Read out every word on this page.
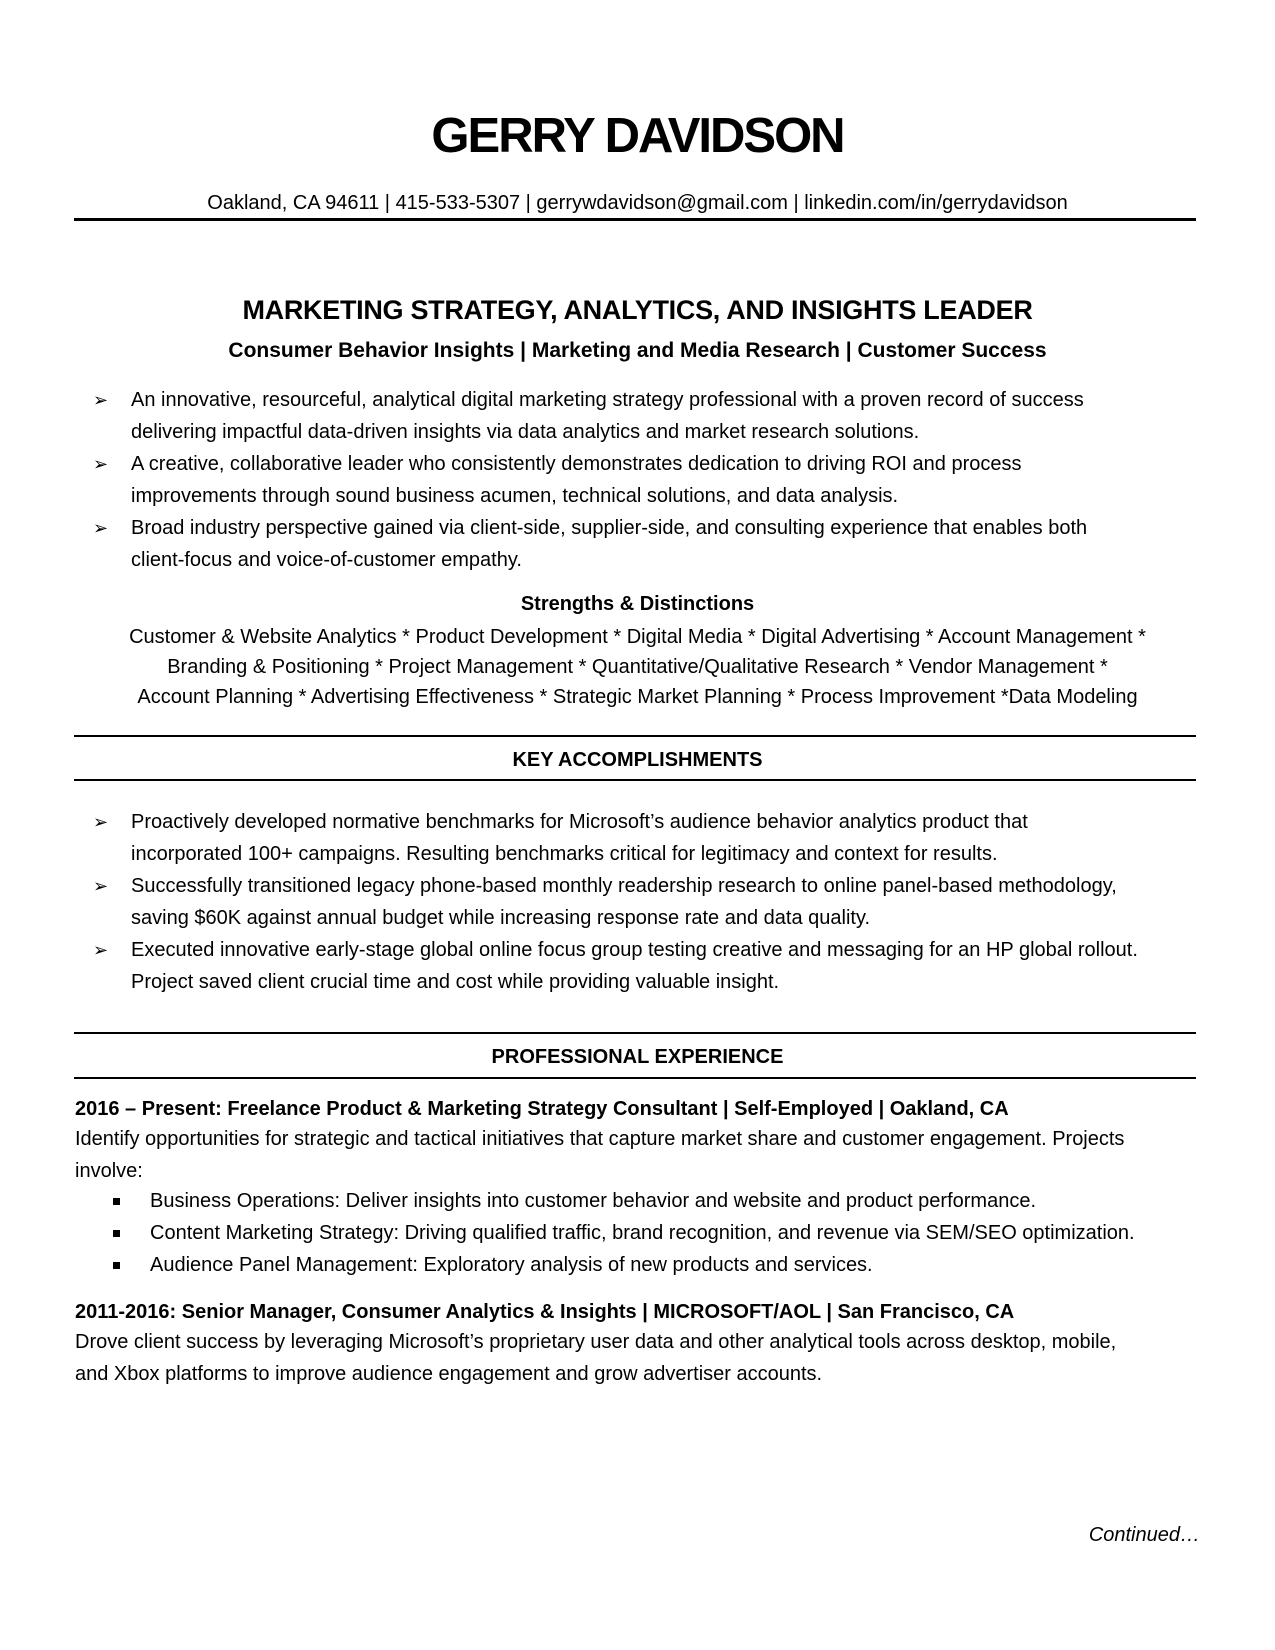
GERRY DAVIDSON
Oakland, CA 94611 | 415-533-5307 | gerrywdavidson@gmail.com | linkedin.com/in/gerrydavidson
MARKETING STRATEGY, ANALYTICS, AND INSIGHTS LEADER
Consumer Behavior Insights | Marketing and Media Research | Customer Success
➢ An innovative, resourceful, analytical digital marketing strategy professional with a proven record of success
delivering impactful data-driven insights via data analytics and market research solutions.
➢ A creative, collaborative leader who consistently demonstrates dedication to driving ROI and process
improvements through sound business acumen, technical solutions, and data analysis.
➢ Broad industry perspective gained via client-side, supplier-side, and consulting experience that enables both
client-focus and voice-of-customer empathy.
Strengths & Distinctions
Customer & Website Analytics * Product Development * Digital Media * Digital Advertising * Account Management *
Branding & Positioning * Project Management * Quantitative/Qualitative Research * Vendor Management *
Account Planning * Advertising Effectiveness * Strategic Market Planning * Process Improvement *Data Modeling
KEY ACCOMPLISHMENTS
➢ Proactively developed normative benchmarks for Microsoft’s audience behavior analytics product that
incorporated 100+ campaigns. Resulting benchmarks critical for legitimacy and context for results.
➢ Successfully transitioned legacy phone-based monthly readership research to online panel-based methodology,
saving $60K against annual budget while increasing response rate and data quality.
➢ Executed innovative early-stage global online focus group testing creative and messaging for an HP global rollout.
Project saved client crucial time and cost while providing valuable insight.
PROFESSIONAL EXPERIENCE
2016 – Present: Freelance Product & Marketing Strategy Consultant | Self-Employed | Oakland, CA
Identify opportunities for strategic and tactical initiatives that capture market share and customer engagement. Projects
involve:
Business Operations: Deliver insights into customer behavior and website and product performance.
Content Marketing Strategy: Driving qualified traffic, brand recognition, and revenue via SEM/SEO optimization.
Audience Panel Management: Exploratory analysis of new products and services.
2011-2016: Senior Manager, Consumer Analytics & Insights | MICROSOFT/AOL | San Francisco, CA
Drove client success by leveraging Microsoft’s proprietary user data and other analytical tools across desktop, mobile,
and Xbox platforms to improve audience engagement and grow advertiser accounts.
Continued…
